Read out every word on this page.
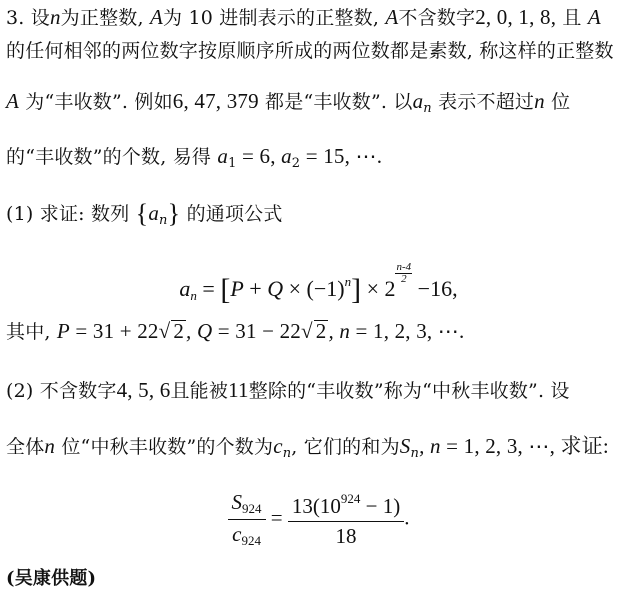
3. 设n为正整数, A为 10 进制表示的正整数, A不含数字2, 0, 1, 8, 且 A
的任何相邻的两位数字按原顺序所成的两位数都是素数, 称这样的正整数
A 为“丰收数”. 例如6, 47, 379 都是“丰收数”. 以$a_n$ 表示不超过n 位
的“丰收数”的个数, 易得 $a_1 = 6$, $a_2 = 15$, ⋯.
(1) 求证: 数列 $\{a_n\}$ 的通项公式
$a_n = [P + Q \times (-1)^n] \times 2$
$\frac{n-4}{2} -16$,
其中, P = 31 + 22√ 2, Q = 31 − 22√ 2, n = 1, 2, 3, ⋯.
(2) 不含数字4, 5, 6且能被11整除的“丰收数”称为“中秋丰收数”. 设
全体n 位“中秋丰收数”的个数为$c_n$, 它们的和为$S_n$, n = 1, 2, 3, ⋯, 求证:
$\frac{S924}{c924} = \frac{13(10^{924} - 1)}{18}$ .
(吴康供题)
